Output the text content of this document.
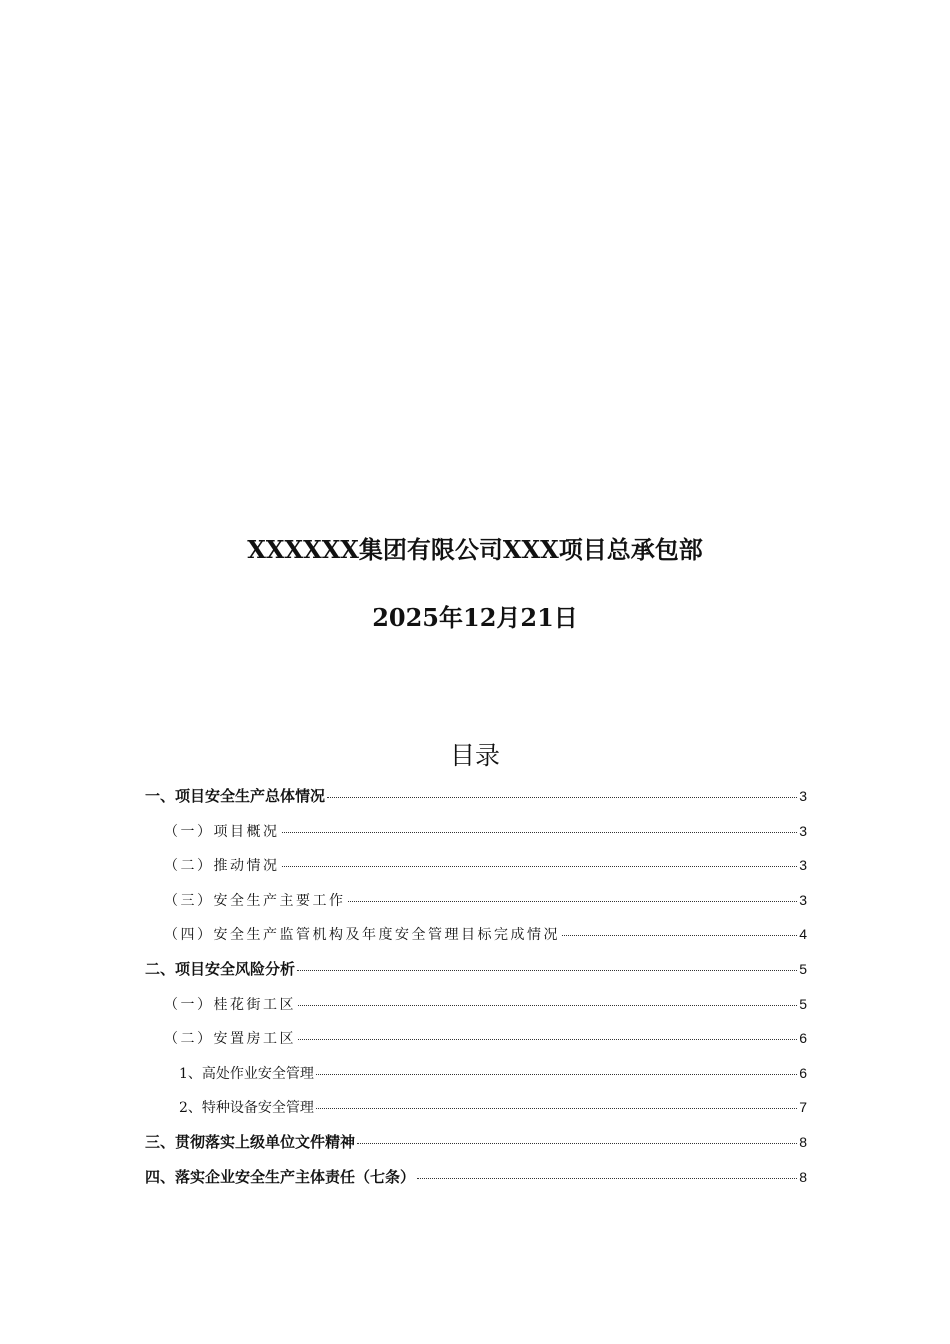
XXXXXX集团有限公司XXX项目总承包部
2025年12月21日
目录
一、项目安全生产总体情况	3
（一）项目概况	3
（二）推动情况	3
（三）安全生产主要工作	3
（四）安全生产监管机构及年度安全管理目标完成情况	4
二、项目安全风险分析	5
（一）桂花街工区	5
（二）安置房工区	6
1、高处作业安全管理	6
2、特种设备安全管理	7
三、贯彻落实上级单位文件精神	8
四、落实企业安全生产主体责任（七条）	8
